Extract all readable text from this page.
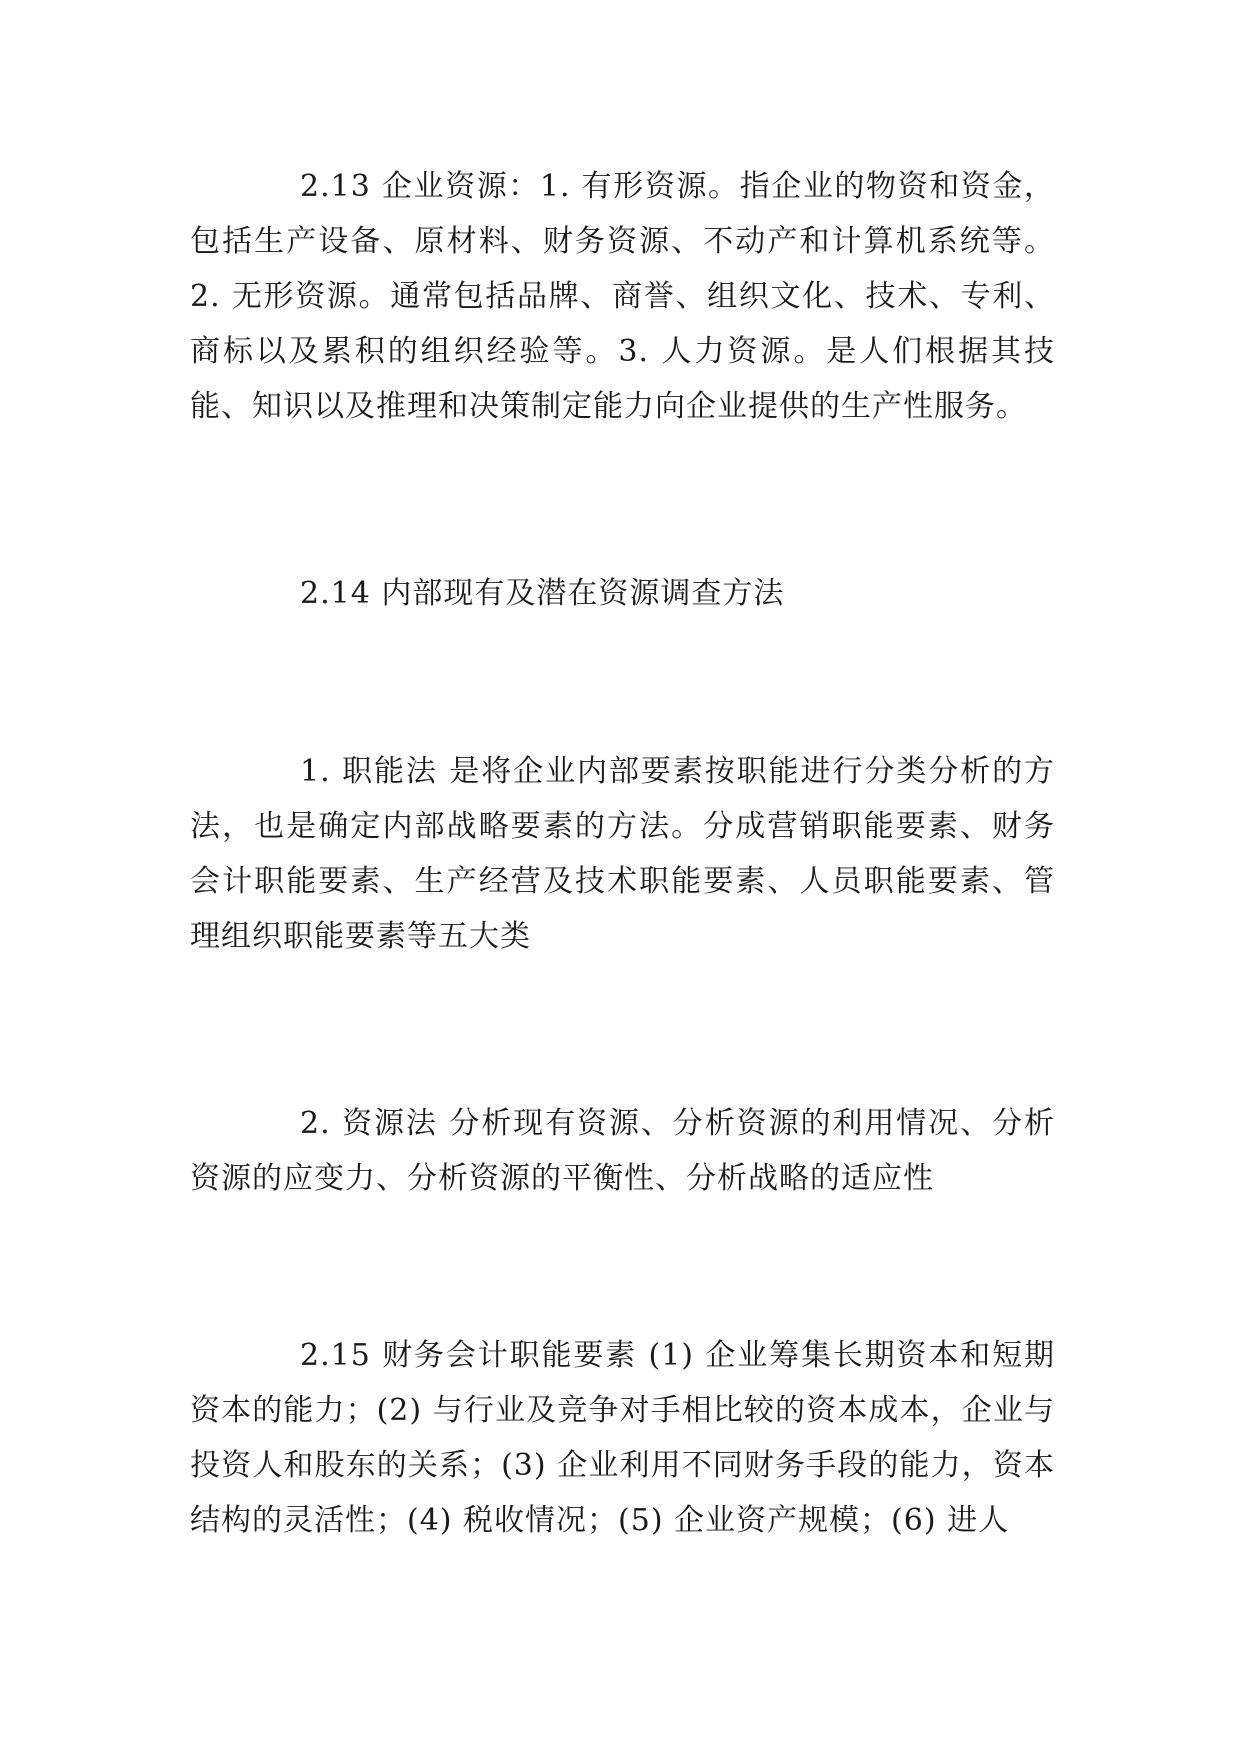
2.13 企业资源：1. 有形资源。指企业的物资和资金，包括生产设备、原材料、财务资源、不动产和计算机系统等。2. 无形资源。通常包括品牌、商誉、组织文化、技术、专利、商标以及累积的组织经验等。3. 人力资源。是人们根据其技能、知识以及推理和决策制定能力向企业提供的生产性服务。

2.14 内部现有及潜在资源调查方法

1. 职能法 是将企业内部要素按职能进行分类分析的方法，也是确定内部战略要素的方法。分成营销职能要素、财务会计职能要素、生产经营及技术职能要素、人员职能要素、管理组织职能要素等五大类

2. 资源法 分析现有资源、分析资源的利用情况、分析资源的应变力、分析资源的平衡性、分析战略的适应性

2.15 财务会计职能要素 (1) 企业筹集长期资本和短期资本的能力；(2) 与行业及竞争对手相比较的资本成本，企业与投资人和股东的关系；(3) 企业利用不同财务手段的能力，资本结构的灵活性；(4) 税收情况；(5) 企业资产规模；(6) 进人
